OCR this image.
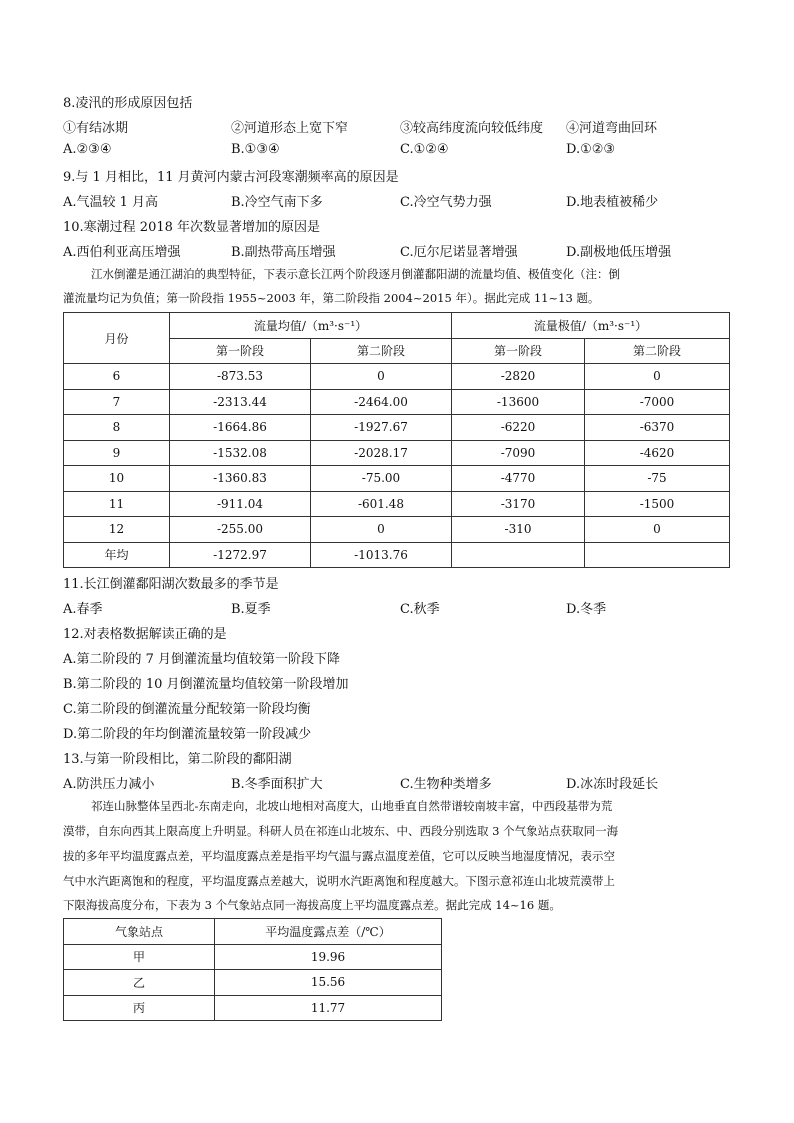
8.凌汛的形成原因包括
①有结冰期	②河道形态上宽下窄	③较高纬度流向较低纬度 ④河道弯曲回环
A.②③④	B.①③④	C.①②④	D.①②③
9.与 1 月相比，11 月黄河内蒙古河段寒潮频率高的原因是
A.气温较 1 月高	B.冷空气南下多	C.冷空气势力强	D.地表植被稀少
10.寒潮过程 2018 年次数显著增加的原因是
A.西伯利亚高压增强	B.副热带高压增强	C.厄尔尼诺显著增强	D.副极地低压增强
江水倒灌是通江湖泊的典型特征，下表示意长江两个阶段逐月倒灌鄱阳湖的流量均值、极值变化（注：倒
灌流量均记为负值；第一阶段指 1955~2003 年，第二阶段指 2004~2015 年）。据此完成 11~13 题。
月份	流量均值/（m³·s⁻¹）		流量极值/（m³·s⁻¹）	
	第一阶段	第二阶段	第一阶段	第二阶段
6	-873.53	0	-2820	0
7	-2313.44	-2464.00	-13600	-7000
8	-1664.86	-1927.67	-6220	-6370
9	-1532.08	-2028.17	-7090	-4620
10	-1360.83	-75.00	-4770	-75
11	-911.04	-601.48	-3170	-1500
12	-255.00	0	-310	0
年均	-1272.97	-1013.76		
11.长江倒灌鄱阳湖次数最多的季节是
A.春季	B.夏季	C.秋季	D.冬季
12.对表格数据解读正确的是
A.第二阶段的 7 月倒灌流量均值较第一阶段下降
B.第二阶段的 10 月倒灌流量均值较第一阶段增加
C.第二阶段的倒灌流量分配较第一阶段均衡
D.第二阶段的年均倒灌流量较第一阶段减少
13.与第一阶段相比，第二阶段的鄱阳湖
A.防洪压力减小	B.冬季面积扩大	C.生物种类增多	D.冰冻时段延长
祁连山脉整体呈西北-东南走向，北坡山地相对高度大，山地垂直自然带谱较南坡丰富，中西段基带为荒
漠带，自东向西其上限高度上升明显。科研人员在祁连山北坡东、中、西段分别选取 3 个气象站点获取同一海
拔的多年平均温度露点差，平均温度露点差是指平均气温与露点温度差值，它可以反映当地湿度情况，表示空
气中水汽距离饱和的程度，平均温度露点差越大，说明水汽距离饱和程度越大。下图示意祁连山北坡荒漠带上
下限海拔高度分布，下表为 3 个气象站点同一海拔高度上平均温度露点差。据此完成 14~16 题。
气象站点	平均温度露点差（/℃）
甲	19.96
乙	15.56
丙	11.77
